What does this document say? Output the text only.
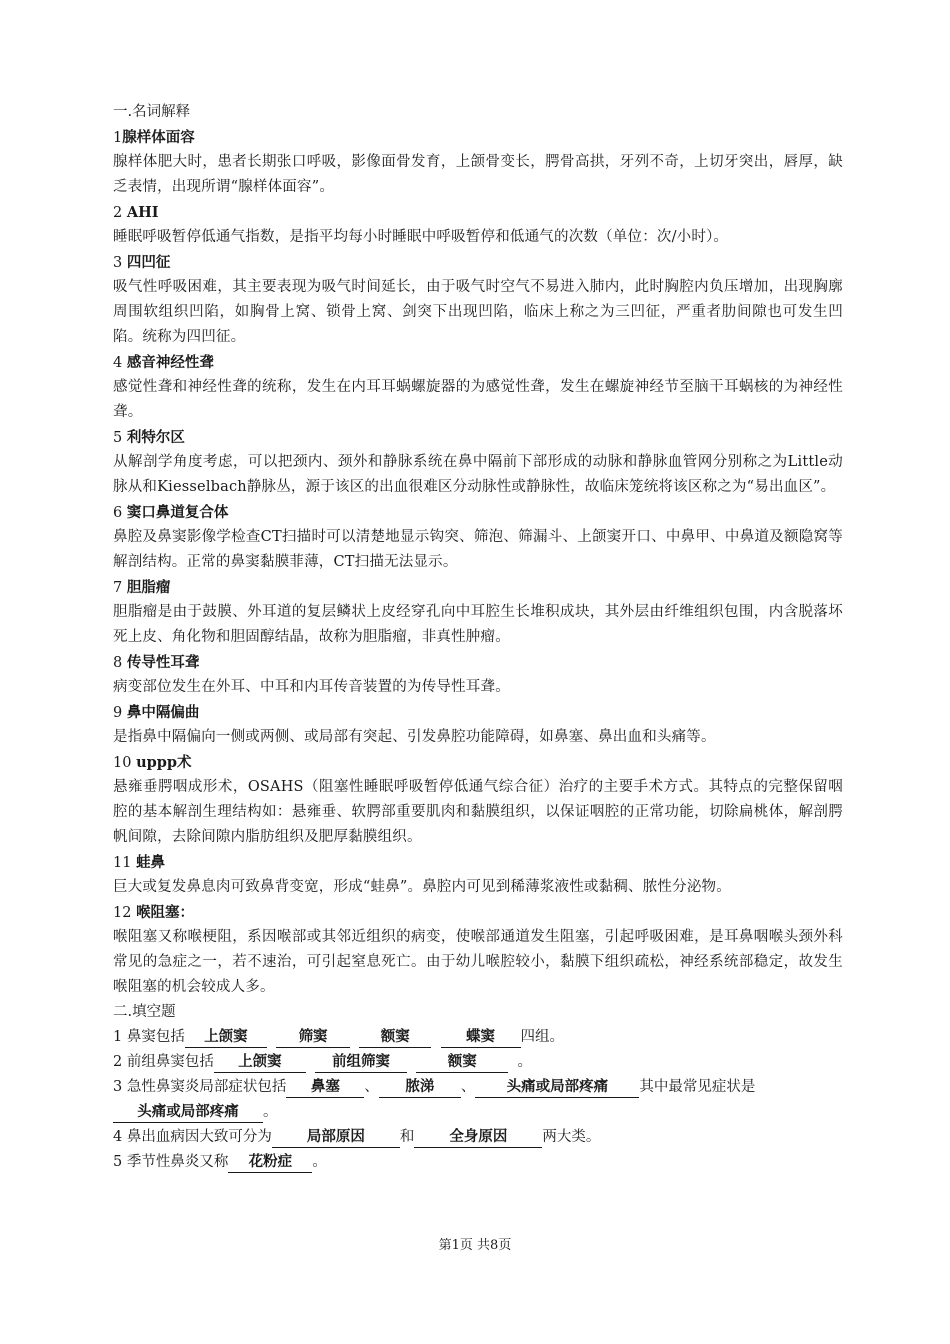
一.名词解释
1腺样体面容
腺样体肥大时，患者长期张口呼吸，影像面骨发育，上颌骨变长，腭骨高拱，牙列不奇，上切牙突出，唇厚，缺乏表情，出现所谓“腺样体面容”。
2 AHI
睡眠呼吸暂停低通气指数，是指平均每小时睡眠中呼吸暂停和低通气的次数（单位：次/小时）。
3 四凹征
吸气性呼吸困难，其主要表现为吸气时间延长，由于吸气时空气不易进入肺内，此时胸腔内负压增加，出现胸廓周围软组织凹陷，如胸骨上窝、锁骨上窝、剑突下出现凹陷，临床上称之为三凹征，严重者肋间隙也可发生凹陷。统称为四凹征。
4 感音神经性聋
感觉性聋和神经性聋的统称，发生在内耳耳蜗螺旋器的为感觉性聋，发生在螺旋神经节至脑干耳蜗核的为神经性聋。
5 利特尔区
从解剖学角度考虑，可以把颈内、颈外和静脉系统在鼻中隔前下部形成的动脉和静脉血管网分别称之为Little动脉从和Kiesselbach静脉丛，源于该区的出血很难区分动脉性或静脉性，故临床笼统将该区称之为“易出血区”。
6 窦口鼻道复合体
鼻腔及鼻窦影像学检查CT扫描时可以清楚地显示钩突、筛泡、筛漏斗、上颌窦开口、中鼻甲、中鼻道及额隐窝等解剖结构。正常的鼻窦黏膜菲薄，CT扫描无法显示。
7 胆脂瘤
胆脂瘤是由于鼓膜、外耳道的复层鳞状上皮经穿孔向中耳腔生长堆积成块，其外层由纤维组织包围，内含脱落坏死上皮、角化物和胆固醇结晶，故称为胆脂瘤，非真性肿瘤。
8 传导性耳聋
病变部位发生在外耳、中耳和内耳传音装置的为传导性耳聋。
9 鼻中隔偏曲
是指鼻中隔偏向一侧或两侧、或局部有突起、引发鼻腔功能障碍，如鼻塞、鼻出血和头痛等。
10 uppp术
悬雍垂腭咽成形术，OSAHS（阻塞性睡眠呼吸暂停低通气综合征）治疗的主要手术方式。其特点的完整保留咽腔的基本解剖生理结构如：悬雍垂、软腭部重要肌肉和黏膜组织，以保证咽腔的正常功能，切除扁桃体，解剖腭帆间隙，去除间隙内脂肪组织及肥厚黏膜组织。
11 蛙鼻
巨大或复发鼻息肉可致鼻背变宽，形成“蛙鼻”。鼻腔内可见到稀薄浆液性或黏稠、脓性分泌物。
12 喉阻塞：
喉阻塞又称喉梗阻，系因喉部或其邻近组织的病变，使喉部通道发生阻塞，引起呼吸困难，是耳鼻咽喉头颈外科常见的急症之一，若不速治，可引起窒息死亡。由于幼儿喉腔较小，黏膜下组织疏松，神经系统部稳定，故发生喉阻塞的机会较成人多。
二.填空题
1 鼻窦包括 上颌窦	筛窦	额窦	蝶窦 四组。
2 前组鼻窦包括 上颌窦	前组筛窦	额窦	。
3 急性鼻窦炎局部症状包括 鼻塞 、 脓涕 、 头痛或局部疼痛 其中最常见症状是
头痛或局部疼痛 。
4 鼻出血病因大致可分为 局部原因 和 全身原因 两大类。
5 季节性鼻炎又称 花粉症 。
第1页 共8页
